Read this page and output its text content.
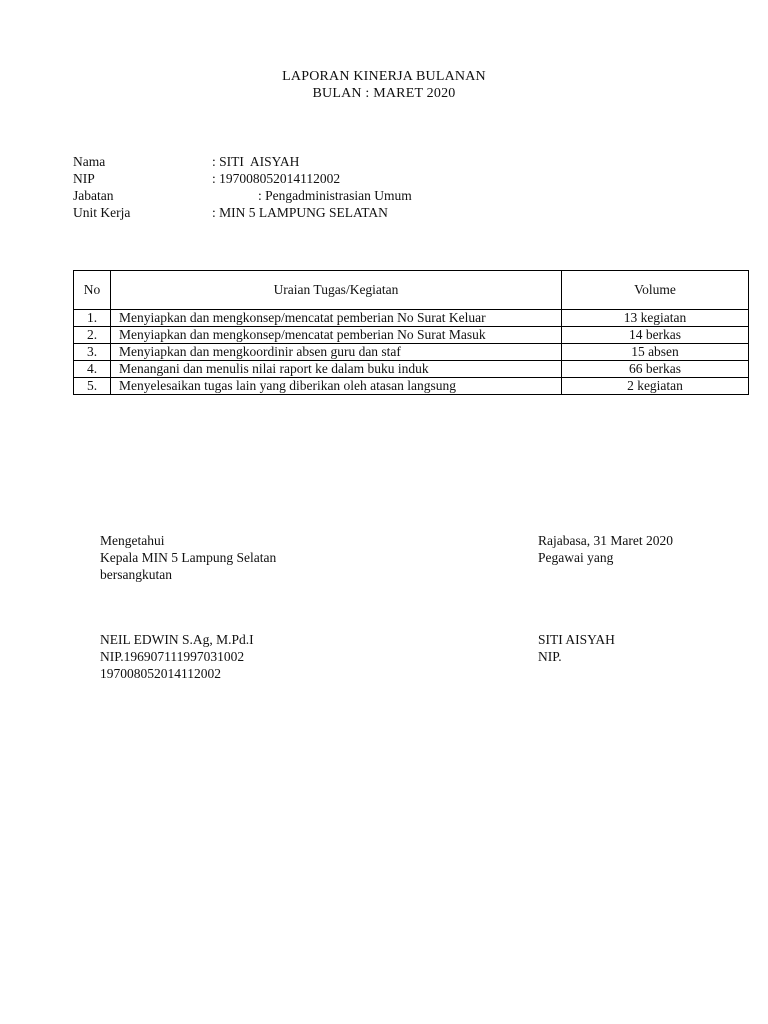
LAPORAN KINERJA BULANAN
BULAN : MARET 2020
Nama	: SITI  AISYAH
NIP	: 197008052014112002
Jabatan	: Pengadministrasian Umum
Unit Kerja	: MIN 5 LAMPUNG SELATAN
No	Uraian Tugas/Kegiatan	Volume
1.	Menyiapkan dan mengkonsep/mencatat pemberian No Surat Keluar	13 kegiatan
2.	Menyiapkan dan mengkonsep/mencatat pemberian No Surat Masuk	14 berkas
3.	Menyiapkan dan mengkoordinir absen guru dan staf	15 absen
4.	Menangani dan menulis nilai raport ke dalam buku induk	66 berkas
5.	Menyelesaikan tugas lain yang diberikan oleh atasan langsung	2 kegiatan
Mengetahui
Kepala MIN 5 Lampung Selatan
bersangkutan
NEIL EDWIN S.Ag, M.Pd.I
NIP.196907111997031002
197008052014112002
Rajabasa, 31 Maret 2020
Pegawai yang
SITI AISYAH
NIP.
